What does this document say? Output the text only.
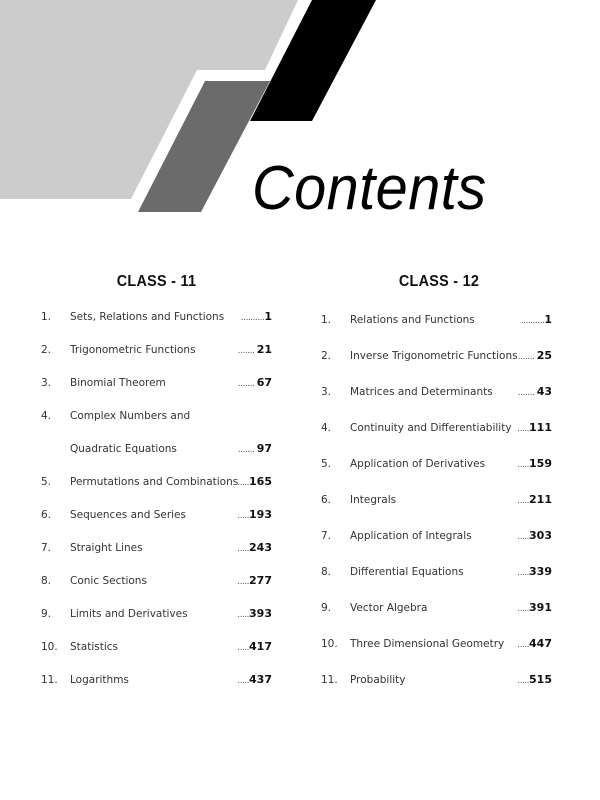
Contents
CLASS - 11
1. Sets, Relations and Functions ..........1
2. Trigonometric Functions	....... 21
3. Binomial Theorem	....... 67
4. Complex Numbers and
Quadratic Equations	....... 97
5. Permutations and Combinations
.....165
6. Sequences and Series	.....193
7. Straight Lines	.....243
8. Conic Sections	.....277
9. Limits and Derivatives	.....393
10. Statistics	.....417
11. Logarithms	.....437
CLASS - 12
1. Relations and Functions	..........1
2. Inverse Trigonometric Functions ....... 25
3. Matrices and Determinants	....... 43
4. Continuity and Differentiability .....111
5. Application of Derivatives	.....159
6. Integrals	.....211
7. Application of Integrals	.....303
8. Differential Equations	.....339
9. Vector Algebra	.....391
10. Three Dimensional Geometry .....447
11. Probability	.....515
